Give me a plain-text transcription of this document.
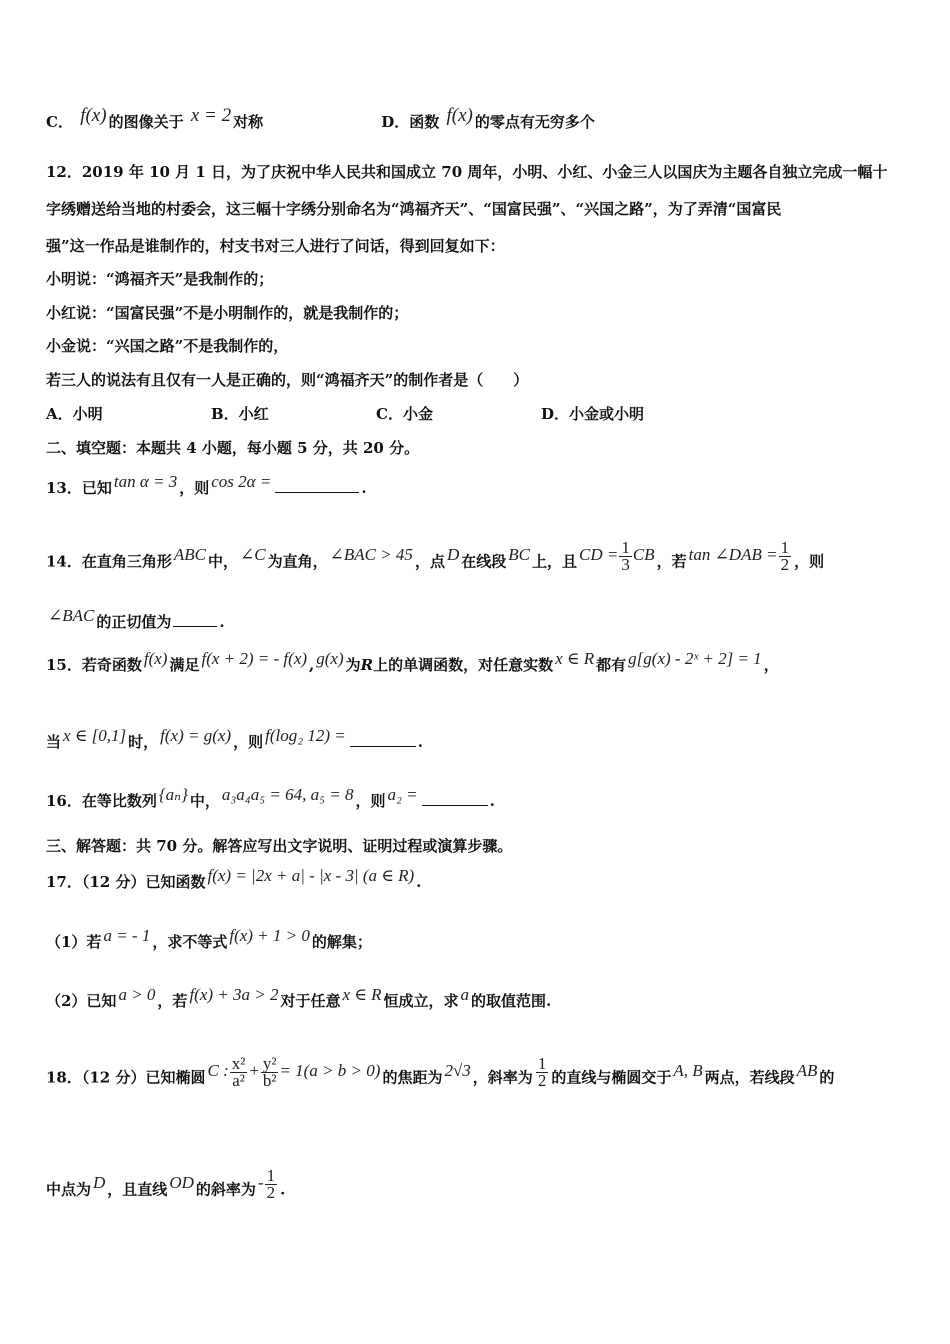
C． f(x) 的图像关于 x = 2 对称	D．函数 f(x) 的零点有无穷多个
12．2019 年 10 月 1 日，为了庆祝中华人民共和国成立 70 周年，小明、小红、小金三人以国庆为主题各自独立完成一幅十
字绣赠送给当地的村委会，这三幅十字绣分别命名为“鸿福齐天”、“国富民强”、“兴国之路”，为了弄清“国富民
强”这一作品是谁制作的，村支书对三人进行了问话，得到回复如下：
小明说：“鸿福齐天”是我制作的；
小红说：“国富民强”不是小明制作的，就是我制作的；
小金说：“兴国之路”不是我制作的，
若三人的说法有且仅有一人是正确的，则“鸿福齐天”的制作者是（　　）
A．小明	B．小红	C．小金	D．小金或小明
二、填空题：本题共 4 小题，每小题 5 分，共 20 分。
13．已知 tan α = 3 ，则 cos 2α =	.
14．在直角三角形 ABC 中， ∠C 为直角， ∠BAC > 45 ，点 D 在线段 BC 上，且 CD = $\frac{1}{3}$ CB ，若 tan ∠DAB = $\frac{1}{2}$ ，则
∠BAC 的正切值为	.
15．若奇函数 f(x) 满足 f(x + 2) = - f(x) , g(x) 为R上的单调函数，对任意实数 x ∈ R 都有 g[g(x) - 2ˣ + 2] = 1 ，
当 x ∈ [0,1] 时， f(x) = g(x) ，则 f(log₂ 12) =	.
16．在等比数列 {aₙ} 中， a₃a₄a₅ = 64, a₅ = 8 ，则 a₂ =	.
三、解答题：共 70 分。解答应写出文字说明、证明过程或演算步骤。
17．（12 分）已知函数 f(x) = |2x + a| - |x - 3| (a ∈ R) .
（1）若 a = - 1 ，求不等式 f(x) + 1 > 0 的解集；
（2）已知 a > 0 ，若 f(x) + 3a > 2 对于任意 x ∈ R 恒成立，求 a 的取值范围.
18．（12 分）已知椭圆 C : $\frac{\text{x²}}{\text{a²}} + \frac{\text{y²}}{\text{b²}} = 1(a > b > 0)$ 的焦距为 2√3 ，斜率为 $\frac{1}{2}$ 的直线与椭圆交于 A, B 两点，若线段 AB 的
中点为 D ，且直线 OD 的斜率为 - $\frac{1}{2}$ .
